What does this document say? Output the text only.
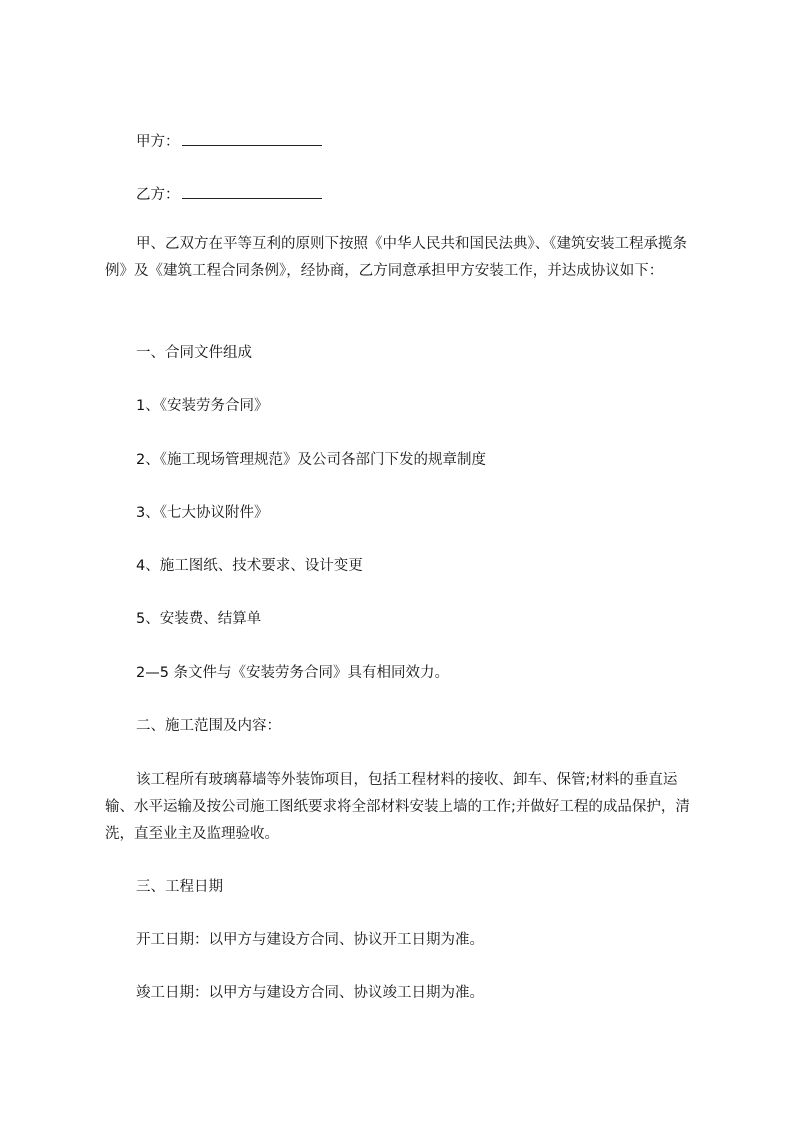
甲方：
乙方：
甲、乙双方在平等互利的原则下按照《中华人民共和国民法典》、《建筑安装工程承揽条例》及《建筑工程合同条例》，经协商，乙方同意承担甲方安装工作，并达成协议如下：
一、合同文件组成
1、《安装劳务合同》
2、《施工现场管理规范》及公司各部门下发的规章制度
3、《七大协议附件》
4、施工图纸、技术要求、设计变更
5、安装费、结算单
2—5 条文件与《安装劳务合同》具有相同效力。
二、施工范围及内容：
该工程所有玻璃幕墙等外装饰项目，包括工程材料的接收、卸车、保管;材料的垂直运输、水平运输及按公司施工图纸要求将全部材料安装上墙的工作;并做好工程的成品保护，清洗，直至业主及监理验收。
三、工程日期
开工日期：以甲方与建设方合同、协议开工日期为准。
竣工日期：以甲方与建设方合同、协议竣工日期为准。
